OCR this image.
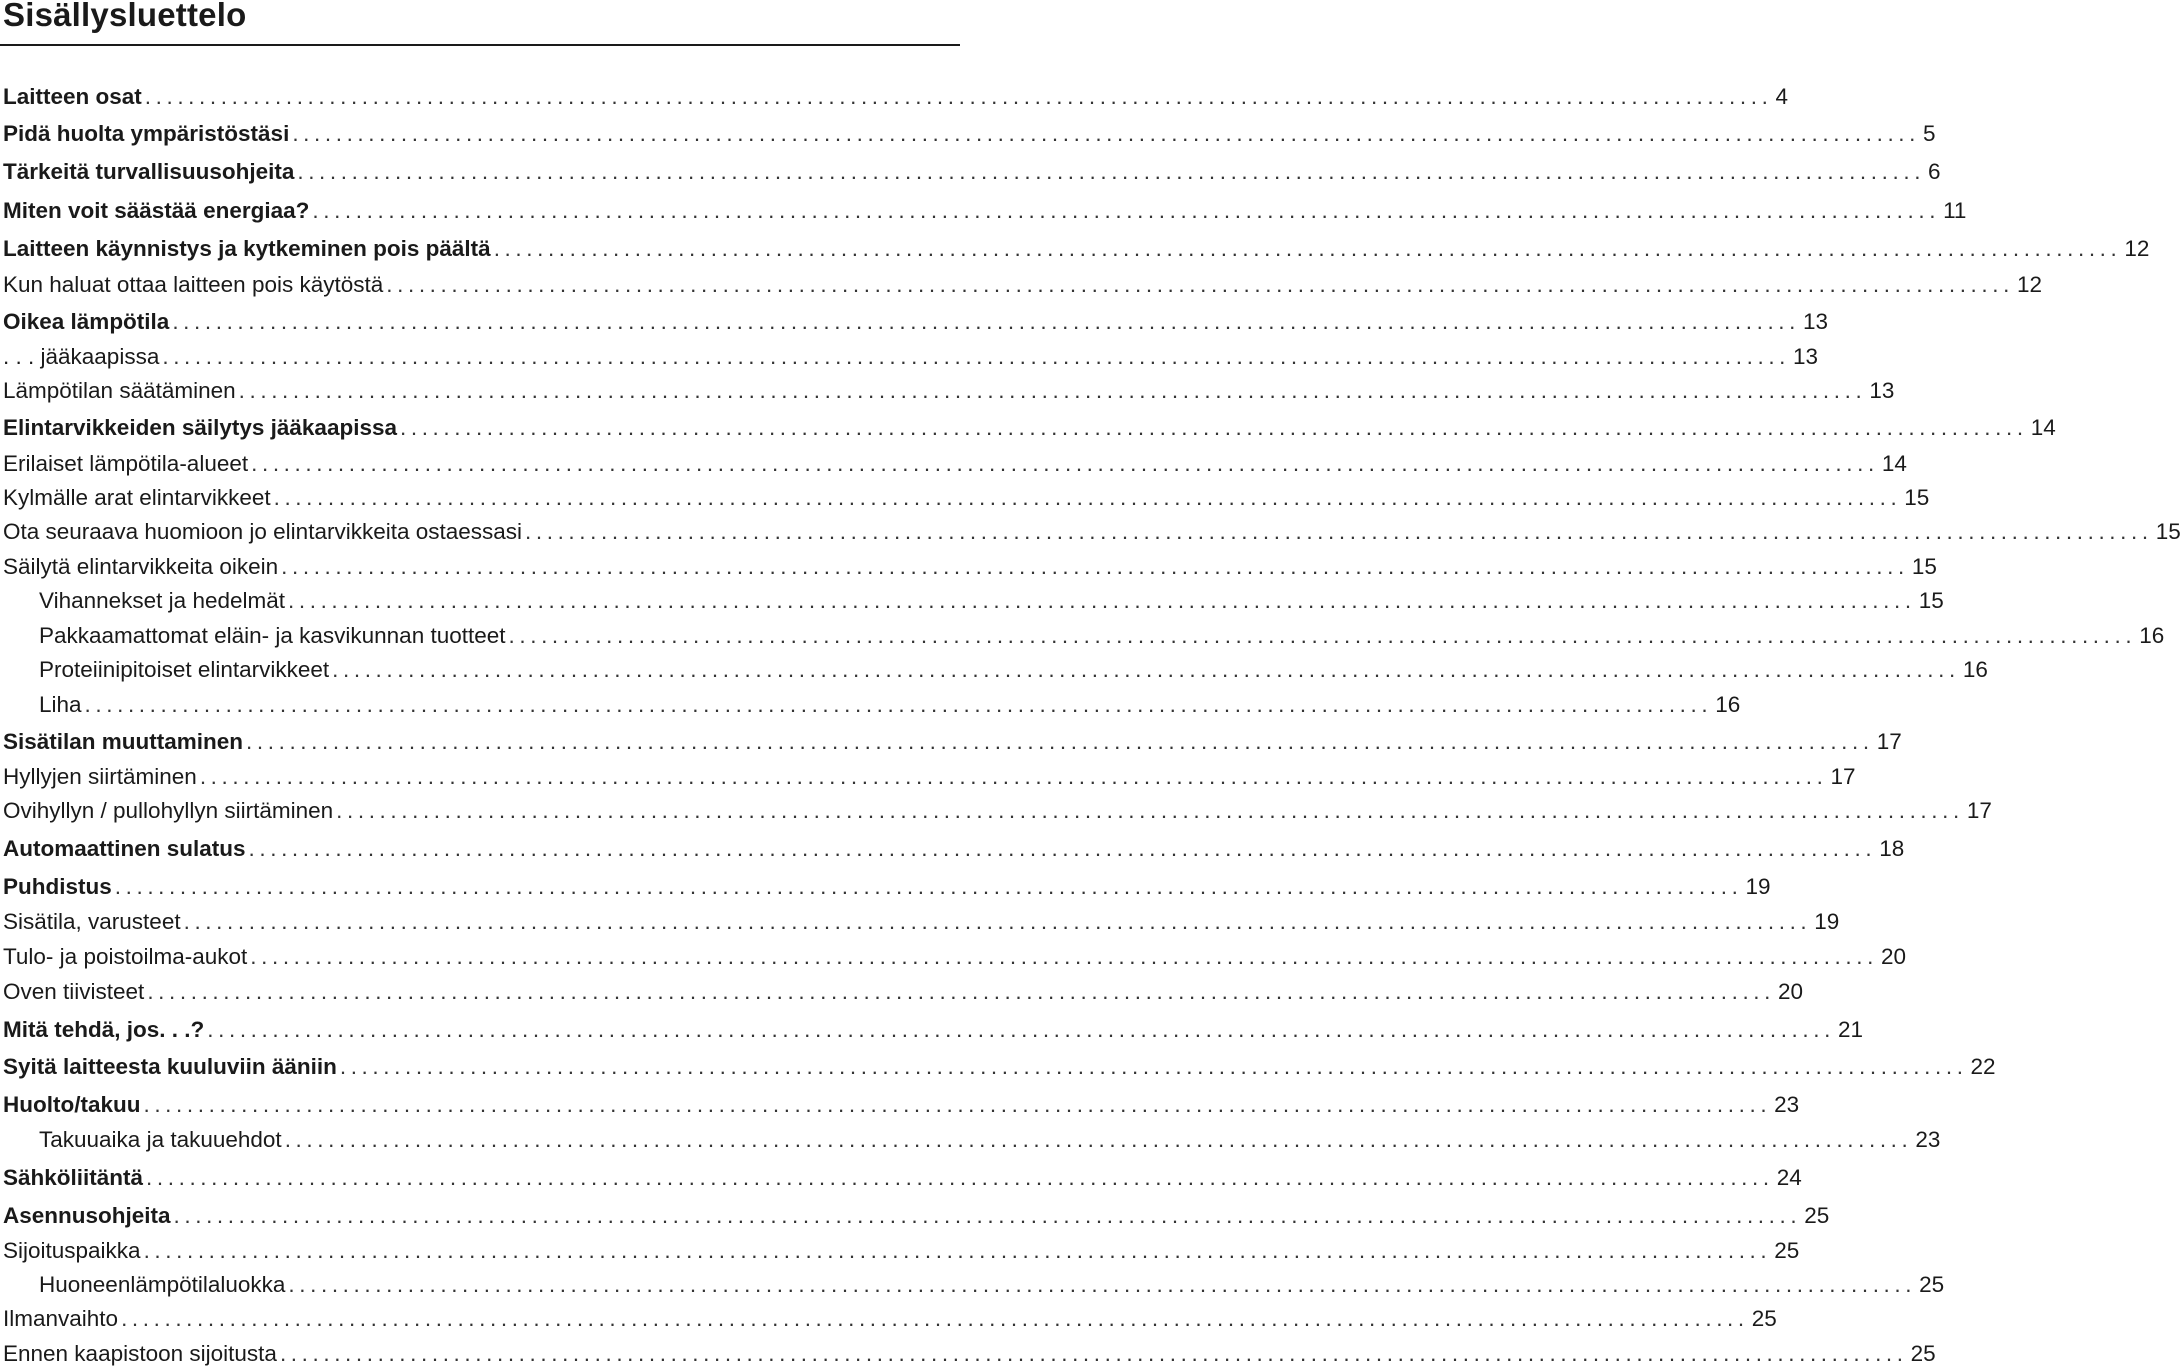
Sisällysluettelo
Laitteen osat ...................................................................................................................................................... 4
Pidä huolta ympäristöstäsi ...................................................................................................................................................... 5
Tärkeitä turvallisuusohjeita ...................................................................................................................................................... 6
Miten voit säästää energiaa? ...................................................................................................................................................... 11
Laitteen käynnistys ja kytkeminen pois päältä ...................................................................................................................................................... 12
Kun haluat ottaa laitteen pois käytöstä ...................................................................................................................................................... 12
Oikea lämpötila ...................................................................................................................................................... 13
. . . jääkaapissa ...................................................................................................................................................... 13
Lämpötilan säätäminen ...................................................................................................................................................... 13
Elintarvikkeiden säilytys jääkaapissa ...................................................................................................................................................... 14
Erilaiset lämpötila-alueet ...................................................................................................................................................... 14
Kylmälle arat elintarvikkeet ...................................................................................................................................................... 15
Ota seuraava huomioon jo elintarvikkeita ostaessasi ...................................................................................................................................................... 15
Säilytä elintarvikkeita oikein ...................................................................................................................................................... 15
Vihannekset ja hedelmät ...................................................................................................................................................... 15
Pakkaamattomat eläin- ja kasvikunnan tuotteet ...................................................................................................................................................... 16
Proteiinipitoiset elintarvikkeet ...................................................................................................................................................... 16
Liha ...................................................................................................................................................... 16
Sisätilan muuttaminen ...................................................................................................................................................... 17
Hyllyjen siirtäminen ...................................................................................................................................................... 17
Ovihyllyn / pullohyllyn siirtäminen ...................................................................................................................................................... 17
Automaattinen sulatus ...................................................................................................................................................... 18
Puhdistus ...................................................................................................................................................... 19
Sisätila, varusteet ...................................................................................................................................................... 19
Tulo- ja poistoilma-aukot ...................................................................................................................................................... 20
Oven tiivisteet ...................................................................................................................................................... 20
Mitä tehdä, jos. . .? ...................................................................................................................................................... 21
Syitä laitteesta kuuluviin ääniin ...................................................................................................................................................... 22
Huolto/takuu ...................................................................................................................................................... 23
Takuuaika ja takuuehdot ...................................................................................................................................................... 23
Sähköliitäntä ...................................................................................................................................................... 24
Asennusohjeita ...................................................................................................................................................... 25
Sijoituspaikka ...................................................................................................................................................... 25
Huoneenlämpötilaluokka ...................................................................................................................................................... 25
Ilmanvaihto ...................................................................................................................................................... 25
Ennen kaapistoon sijoitusta ...................................................................................................................................................... 25
